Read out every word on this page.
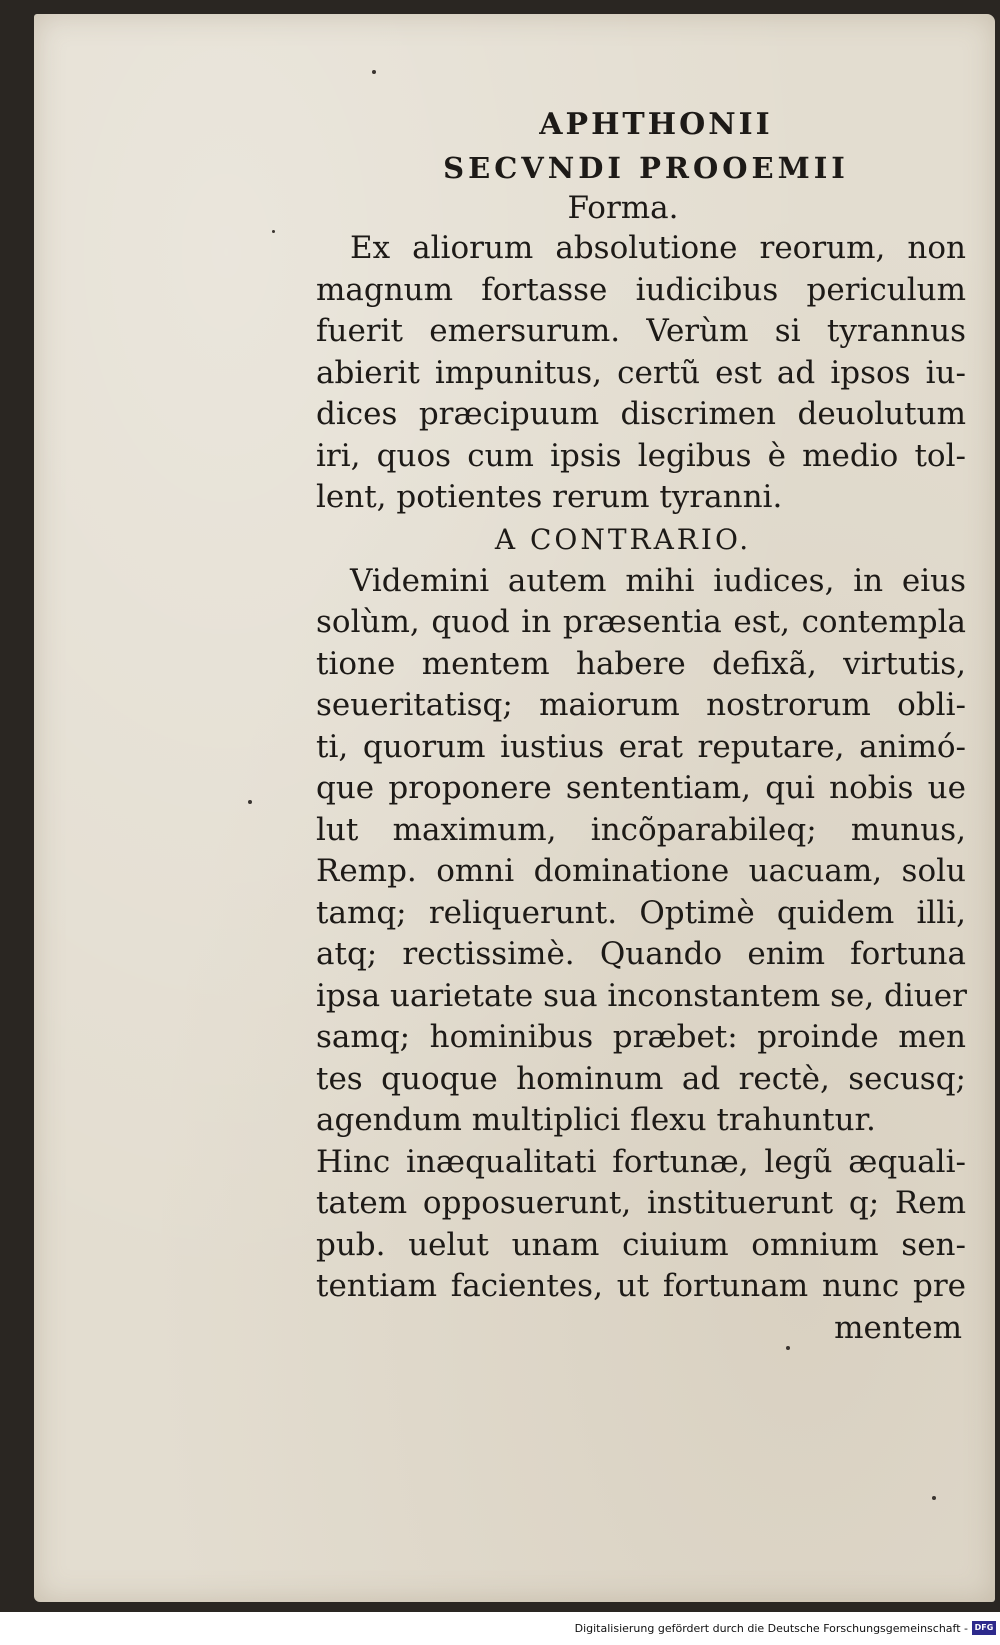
APHTHONII
SECVNDI PROOEMII
Forma.
Ex aliorum absolutione reorum, non
magnum fortasse iudicibus periculum
fuerit emersurum. Verùm si tyrannus
abierit impunitus, certũ est ad ipsos iu-
dices præcipuum discrimen deuolutum
iri, quos cum ipsis legibus è medio tol-
lent, potientes rerum tyranni.
A CONTRARIO.
Videmini autem mihi iudices, in eius
solùm, quod in præsentia est, contempla
tione mentem habere defixã, virtutis,
seueritatisq; maiorum nostrorum obli-
ti, quorum iustius erat reputare, animó-
que proponere sententiam, qui nobis ue
lut maximum, incõparabileq; munus,
Remp. omni dominatione uacuam, solu
tamq; reliquerunt. Optimè quidem illi,
atq; rectissimè. Quando enim fortuna
ipsa uarietate sua inconstantem se, diuer
samq; hominibus præbet: proinde men
tes quoque hominum ad rectè, secusq;
agendum multiplici flexu trahuntur.
Hinc inæqualitati fortunæ, legũ æquali-
tatem opposuerunt, instituerunt q; Rem
pub. uelut unam ciuium omnium sen-
tentiam facientes, ut fortunam nunc pre
mentem
Digitalisierung gefördert durch die Deutsche Forschungsgemeinschaft - DFG
